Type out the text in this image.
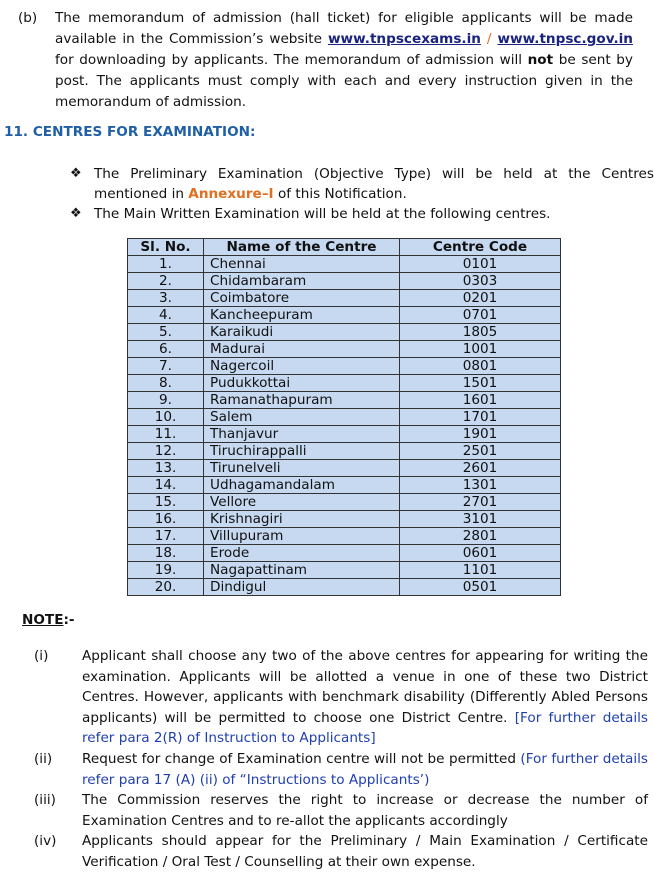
(b) The memorandum of admission (hall ticket) for eligible applicants will be made available in the Commission’s website www.tnpscexams.in / www.tnpsc.gov.in for downloading by applicants. The memorandum of admission will not be sent by post. The applicants must comply with each and every instruction given in the memorandum of admission.
11. CENTRES FOR EXAMINATION:
❖ The Preliminary Examination (Objective Type) will be held at the Centres mentioned in Annexure–I of this Notification.
❖ The Main Written Examination will be held at the following centres.
Sl. No.	Name of the Centre	Centre Code
1.	Chennai	0101
2.	Chidambaram	0303
3.	Coimbatore	0201
4.	Kancheepuram	0701
5.	Karaikudi	1805
6.	Madurai	1001
7.	Nagercoil	0801
8.	Pudukkottai	1501
9.	Ramanathapuram	1601
10.	Salem	1701
11.	Thanjavur	1901
12.	Tiruchirappalli	2501
13.	Tirunelveli	2601
14.	Udhagamandalam	1301
15.	Vellore	2701
16.	Krishnagiri	3101
17.	Villupuram	2801
18.	Erode	0601
19.	Nagapattinam	1101
20.	Dindigul	0501
NOTE:-
(i) Applicant shall choose any two of the above centres for appearing for writing the examination. Applicants will be allotted a venue in one of these two District Centres. However, applicants with benchmark disability (Differently Abled Persons applicants) will be permitted to choose one District Centre. [For further details refer para 2(R) of Instruction to Applicants]
(ii) Request for change of Examination centre will not be permitted (For further details refer para 17 (A) (ii) of “Instructions to Applicants’)
(iii) The Commission reserves the right to increase or decrease the number of Examination Centres and to re-allot the applicants accordingly
(iv) Applicants should appear for the Preliminary / Main Examination / Certificate Verification / Oral Test / Counselling at their own expense.
